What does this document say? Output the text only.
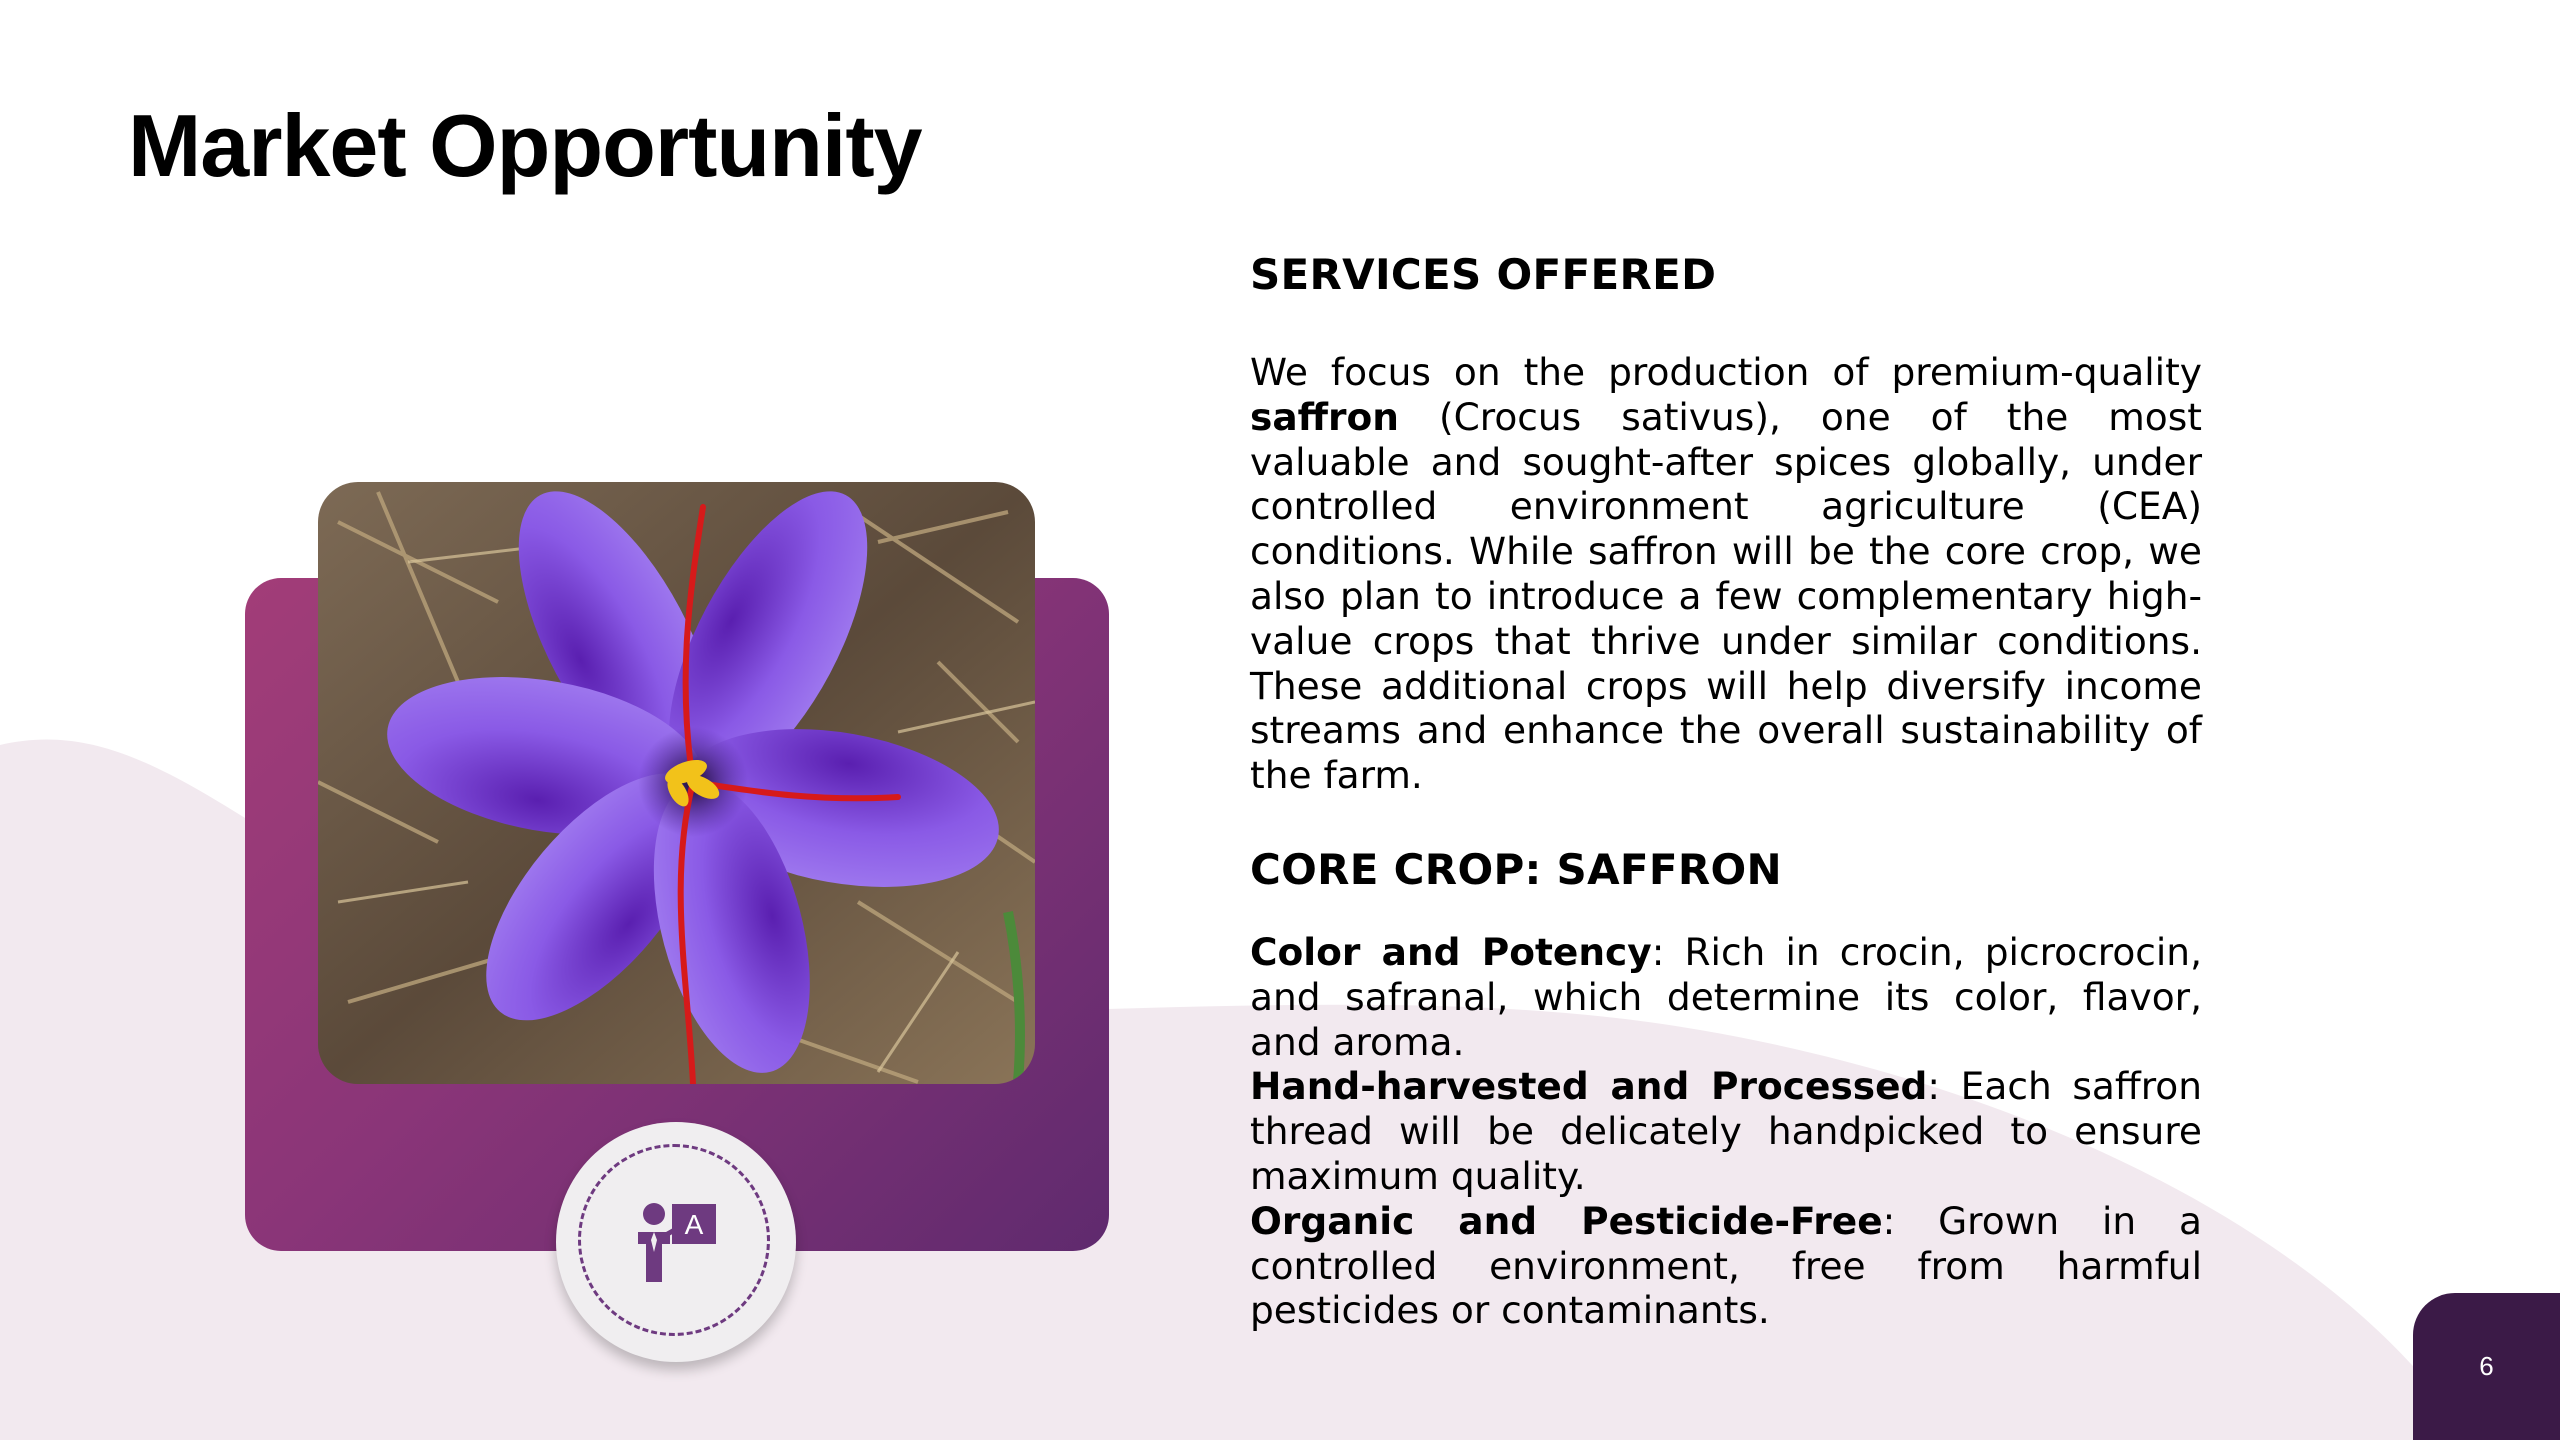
Market Opportunity
A
SERVICES OFFERED

We focus on the production of premium-quality saffron (Crocus sativus), one of the most valuable and sought-after spices globally, under controlled environment agriculture (CEA) conditions. While saffron will be the core crop, we also plan to introduce a few complementary high-value crops that thrive under similar conditions. These additional crops will help diversify income streams and enhance the overall sustainability of the farm.

CORE CROP: SAFFRON

Color and Potency: Rich in crocin, picrocrocin, and safranal, which determine its color, flavor, and aroma.

Hand-harvested and Processed: Each saffron thread will be delicately handpicked to ensure maximum quality.

Organic and Pesticide-Free: Grown in a controlled environment, free from harmful pesticides or contaminants.

6
